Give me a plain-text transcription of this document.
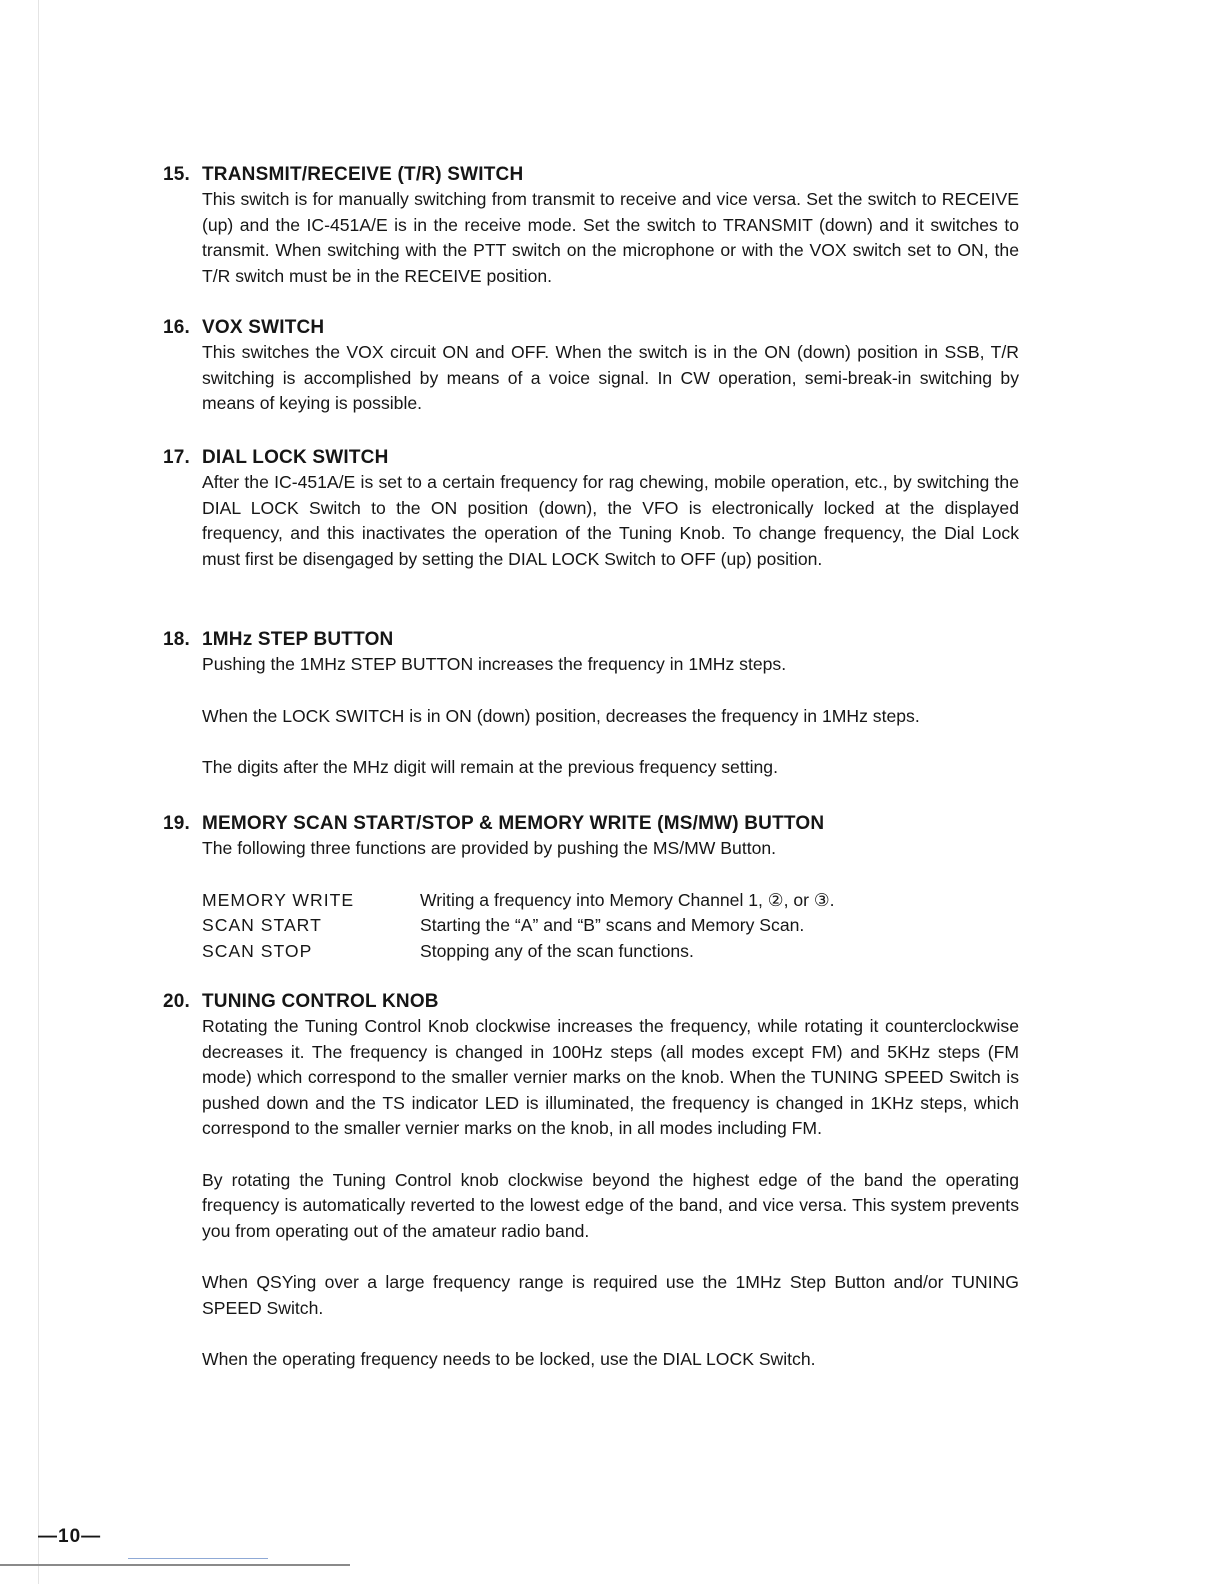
15. TRANSMIT/RECEIVE (T/R) SWITCH
This switch is for manually switching from transmit to receive and vice versa. Set the switch to RECEIVE (up) and the IC-451A/E is in the receive mode. Set the switch to TRANSMIT (down) and it switches to transmit. When switching with the PTT switch on the microphone or with the VOX switch set to ON, the T/R switch must be in the RECEIVE position.
16. VOX SWITCH
This switches the VOX circuit ON and OFF. When the switch is in the ON (down) position in SSB, T/R switching is accomplished by means of a voice signal. In CW operation, semi-break-in switching by means of keying is possible.
17. DIAL LOCK SWITCH
After the IC-451A/E is set to a certain frequency for rag chewing, mobile operation, etc., by switching the DIAL LOCK Switch to the ON position (down), the VFO is electronically locked at the displayed frequency, and this inactivates the operation of the Tuning Knob. To change frequency, the Dial Lock must first be disengaged by setting the DIAL LOCK Switch to OFF (up) position.
18. 1MHz STEP BUTTON
Pushing the 1MHz STEP BUTTON increases the frequency in 1MHz steps.
When the LOCK SWITCH is in ON (down) position, decreases the frequency in 1MHz steps.
The digits after the MHz digit will remain at the previous frequency setting.
19. MEMORY SCAN START/STOP & MEMORY WRITE (MS/MW) BUTTON
The following three functions are provided by pushing the MS/MW Button.
MEMORY WRITE	Writing a frequency into Memory Channel 1, ②, or ③.
SCAN START	Starting the “A” and “B” scans and Memory Scan.
SCAN STOP	Stopping any of the scan functions.
20. TUNING CONTROL KNOB
Rotating the Tuning Control Knob clockwise increases the frequency, while rotating it counterclockwise decreases it. The frequency is changed in 100Hz steps (all modes except FM) and 5KHz steps (FM mode) which correspond to the smaller vernier marks on the knob. When the TUNING SPEED Switch is pushed down and the TS indicator LED is illuminated, the frequency is changed in 1KHz steps, which correspond to the smaller vernier marks on the knob, in all modes including FM.
By rotating the Tuning Control knob clockwise beyond the highest edge of the band the operating frequency is automatically reverted to the lowest edge of the band, and vice versa. This system prevents you from operating out of the amateur radio band.
When QSYing over a large frequency range is required use the 1MHz Step Button and/or TUNING SPEED Switch.
When the operating frequency needs to be locked, use the DIAL LOCK Switch.
—10—
